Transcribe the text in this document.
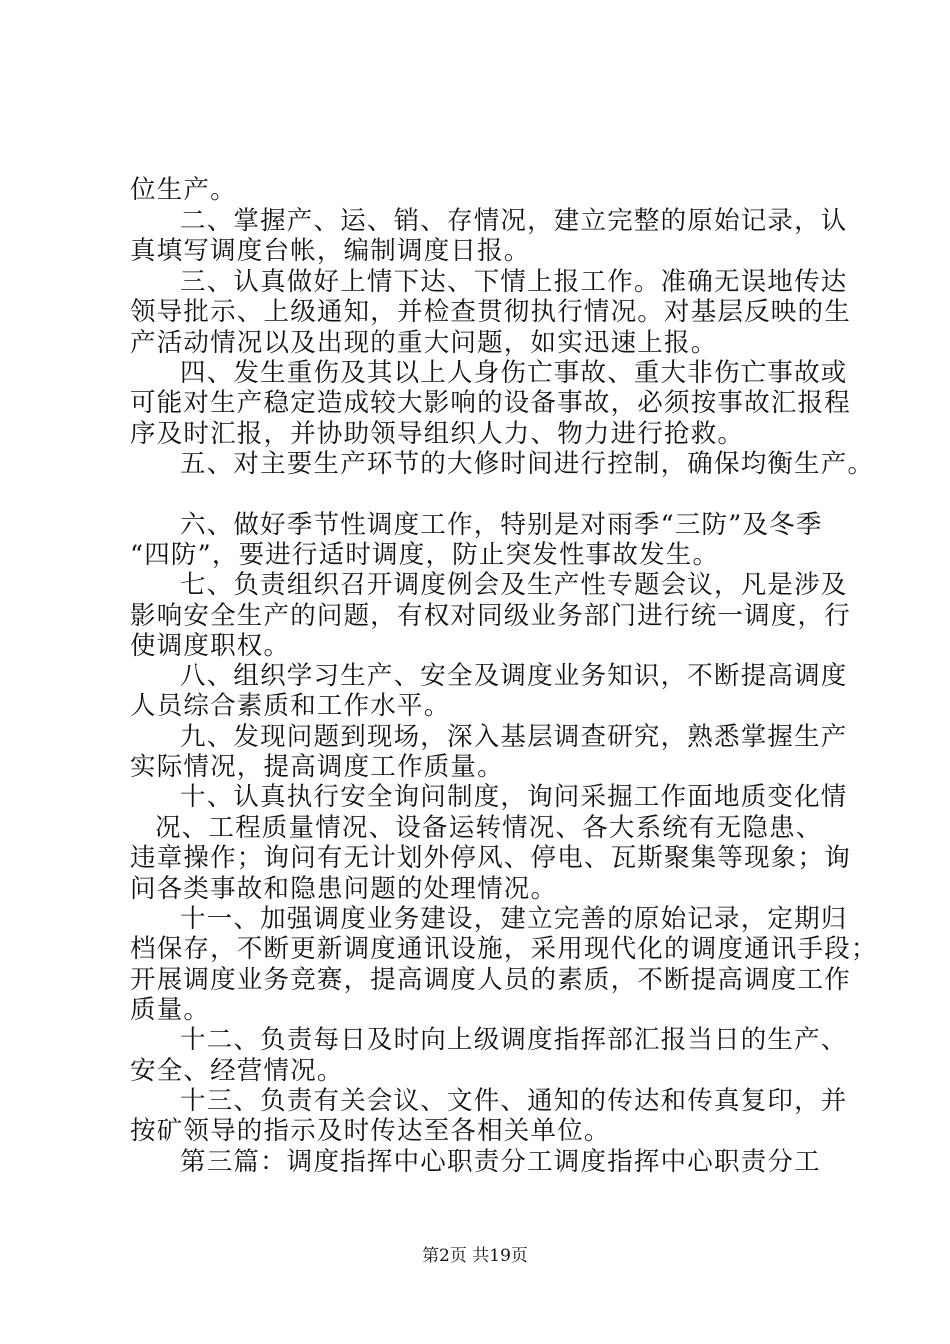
位生产。
二、掌握产、运、销、存情况，建立完整的原始记录，认
真填写调度台帐，编制调度日报。
三、认真做好上情下达、下情上报工作。准确无误地传达
领导批示、上级通知，并检查贯彻执行情况。对基层反映的生
产活动情况以及出现的重大问题，如实迅速上报。
四、发生重伤及其以上人身伤亡事故、重大非伤亡事故或
可能对生产稳定造成较大影响的设备事故，必须按事故汇报程
序及时汇报，并协助领导组织人力、物力进行抢救。
五、对主要生产环节的大修时间进行控制，确保均衡生产。
六、做好季节性调度工作，特别是对雨季“三防”及冬季
“四防”，要进行适时调度，防止突发性事故发生。
七、负责组织召开调度例会及生产性专题会议，凡是涉及
影响安全生产的问题，有权对同级业务部门进行统一调度，行
使调度职权。
八、组织学习生产、安全及调度业务知识，不断提高调度
人员综合素质和工作水平。
九、发现问题到现场，深入基层调查研究，熟悉掌握生产
实际情况，提高调度工作质量。
十、认真执行安全询问制度，询问采掘工作面地质变化情
况、工程质量情况、设备运转情况、各大系统有无隐患、
违章操作；询问有无计划外停风、停电、瓦斯聚集等现象；询
问各类事故和隐患问题的处理情况。
十一、加强调度业务建设，建立完善的原始记录，定期归
档保存，不断更新调度通讯设施，采用现代化的调度通讯手段；
开展调度业务竞赛，提高调度人员的素质，不断提高调度工作
质量。
十二、负责每日及时向上级调度指挥部汇报当日的生产、
安全、经营情况。
十三、负责有关会议、文件、通知的传达和传真复印，并
按矿领导的指示及时传达至各相关单位。
第三篇：调度指挥中心职责分工调度指挥中心职责分工
第2页 共19页
